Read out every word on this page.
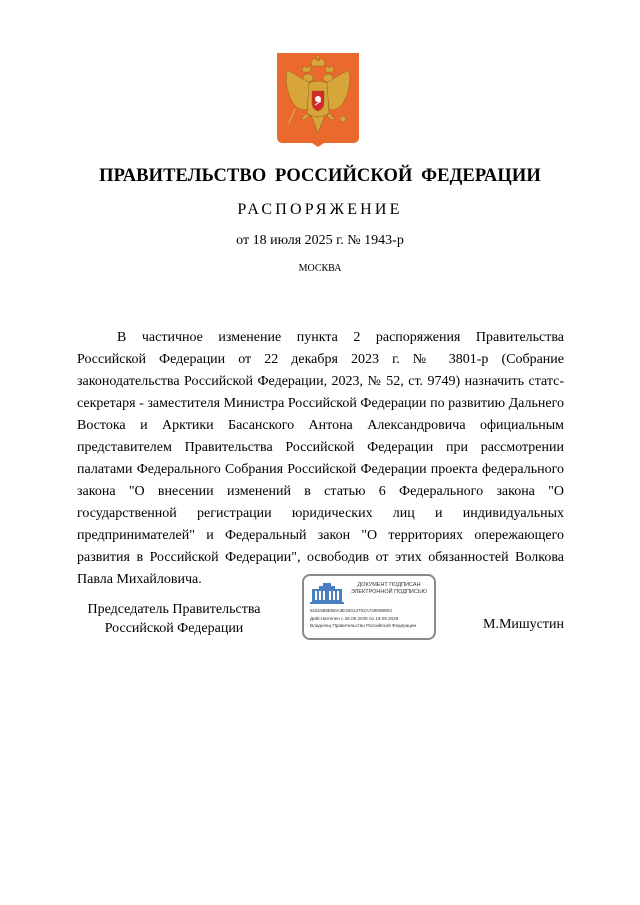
ПРАВИТЕЛЬСТВО РОССИЙСКОЙ ФЕДЕРАЦИИ
РАСПОРЯЖЕНИЕ
от 18 июля 2025 г. № 1943-р
МОСКВА

В частичное изменение пункта 2 распоряжения Правительства Российской Федерации от 22 декабря 2023 г. № 3801-р (Собрание законодательства Российской Федерации, 2023, № 52, ст. 9749) назначить статс-секретаря - заместителя Министра Российской Федерации по развитию Дальнего Востока и Арктики Басанского Антона Александровича официальным представителем Правительства Российской Федерации при рассмотрении палатами Федерального Собрания Российской Федерации проекта федерального закона "О внесении изменений в статью 6 Федерального закона "О государственной регистрации юридических лиц и индивидуальных предпринимателей" и Федеральный закон "О территориях опережающего развития в Российской Федерации", освободив от этих обязанностей Волкова Павла Михайловича.

Председатель Правительства
Российской Федерации
ДОКУМЕНТ ПОДПИСАН
ЭЛЕКТРОННОЙ ПОДПИСЬЮ
5181588EB0A3E34013702A749098803
Действителен с 26.06.2025 по 19.09.2026
Владелец Правительство Российской Федерации	М.Мишустин
